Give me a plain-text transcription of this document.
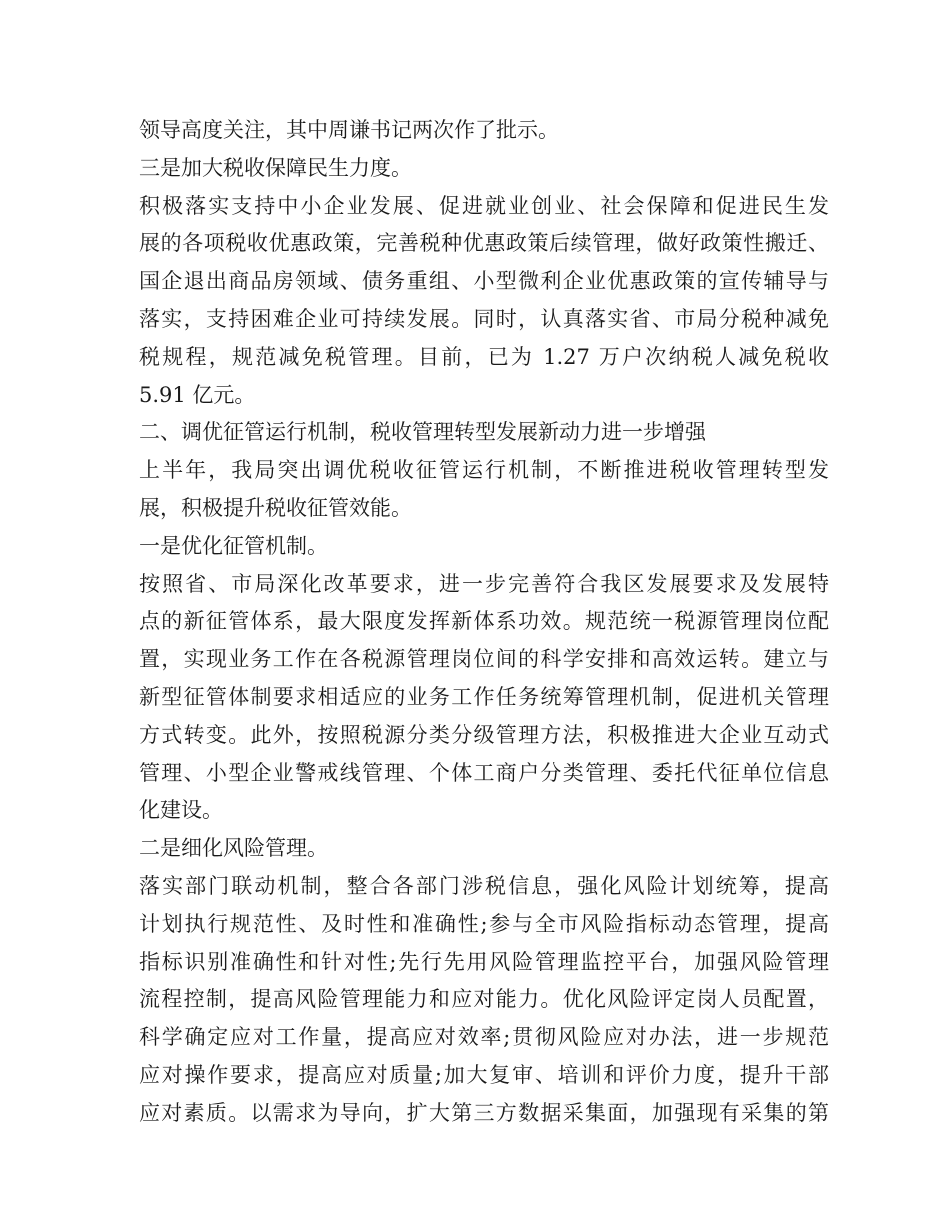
领导高度关注，其中周谦书记两次作了批示。
三是加大税收保障民生力度。
积极落实支持中小企业发展、促进就业创业、社会保障和促进民生发
展的各项税收优惠政策，完善税种优惠政策后续管理，做好政策性搬迁、
国企退出商品房领域、债务重组、小型微利企业优惠政策的宣传辅导与
落实，支持困难企业可持续发展。同时，认真落实省、市局分税种减免
税规程，规范减免税管理。目前，已为 1.27 万户次纳税人减免税收
5.91 亿元。
二、调优征管运行机制，税收管理转型发展新动力进一步增强
上半年，我局突出调优税收征管运行机制，不断推进税收管理转型发
展，积极提升税收征管效能。
一是优化征管机制。
按照省、市局深化改革要求，进一步完善符合我区发展要求及发展特
点的新征管体系，最大限度发挥新体系功效。规范统一税源管理岗位配
置，实现业务工作在各税源管理岗位间的科学安排和高效运转。建立与
新型征管体制要求相适应的业务工作任务统筹管理机制，促进机关管理
方式转变。此外，按照税源分类分级管理方法，积极推进大企业互动式
管理、小型企业警戒线管理、个体工商户分类管理、委托代征单位信息
化建设。
二是细化风险管理。
落实部门联动机制，整合各部门涉税信息，强化风险计划统筹，提高
计划执行规范性、及时性和准确性;参与全市风险指标动态管理，提高
指标识别准确性和针对性;先行先用风险管理监控平台，加强风险管理
流程控制，提高风险管理能力和应对能力。优化风险评定岗人员配置，
科学确定应对工作量，提高应对效率;贯彻风险应对办法，进一步规范
应对操作要求，提高应对质量;加大复审、培训和评价力度，提升干部
应对素质。以需求为导向，扩大第三方数据采集面，加强现有采集的第
